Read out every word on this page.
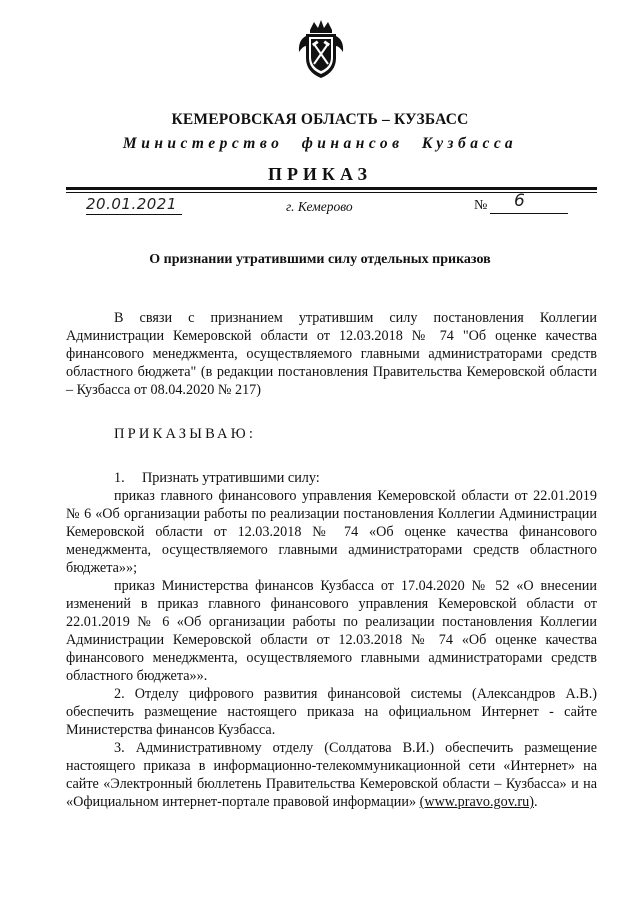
КЕМЕРОВСКАЯ ОБЛАСТЬ – КУЗБАСС
Министерство финансов Кузбасса
ПРИКАЗ
20.01.2021	г. Кемерово	№ 6
О признании утратившими силу отдельных приказов

В связи с признанием утратившим силу постановления Коллегии Администрации Кемеровской области от 12.03.2018 № 74 "Об оценке качества финансового менеджмента, осуществляемого главными администраторами средств областного бюджета" (в редакции постановления Правительства Кемеровской области – Кузбасса от 08.04.2020 № 217)

ПРИКАЗЫВАЮ:

1. Признать утратившими силу:

приказ главного финансового управления Кемеровской области от 22.01.2019 № 6 «Об организации работы по реализации постановления Коллегии Администрации Кемеровской области от 12.03.2018 № 74 «Об оценке качества финансового менеджмента, осуществляемого главными администраторами средств областного бюджета»»;

приказ Министерства финансов Кузбасса от 17.04.2020 № 52 «О внесении изменений в приказ главного финансового управления Кемеровской области от 22.01.2019 № 6 «Об организации работы по реализации постановления Коллегии Администрации Кемеровской области от 12.03.2018 № 74 «Об оценке качества финансового менеджмента, осуществляемого главными администраторами средств областного бюджета»».

2. Отделу цифрового развития финансовой системы (Александров А.В.) обеспечить размещение настоящего приказа на официальном Интернет - сайте Министерства финансов Кузбасса.

3. Административному отделу (Солдатова В.И.) обеспечить размещение настоящего приказа в информационно-телекоммуникационной сети «Интернет» на сайте «Электронный бюллетень Правительства Кемеровской области – Кузбасса» и на «Официальном интернет-портале правовой информации» (www.pravo.gov.ru).
